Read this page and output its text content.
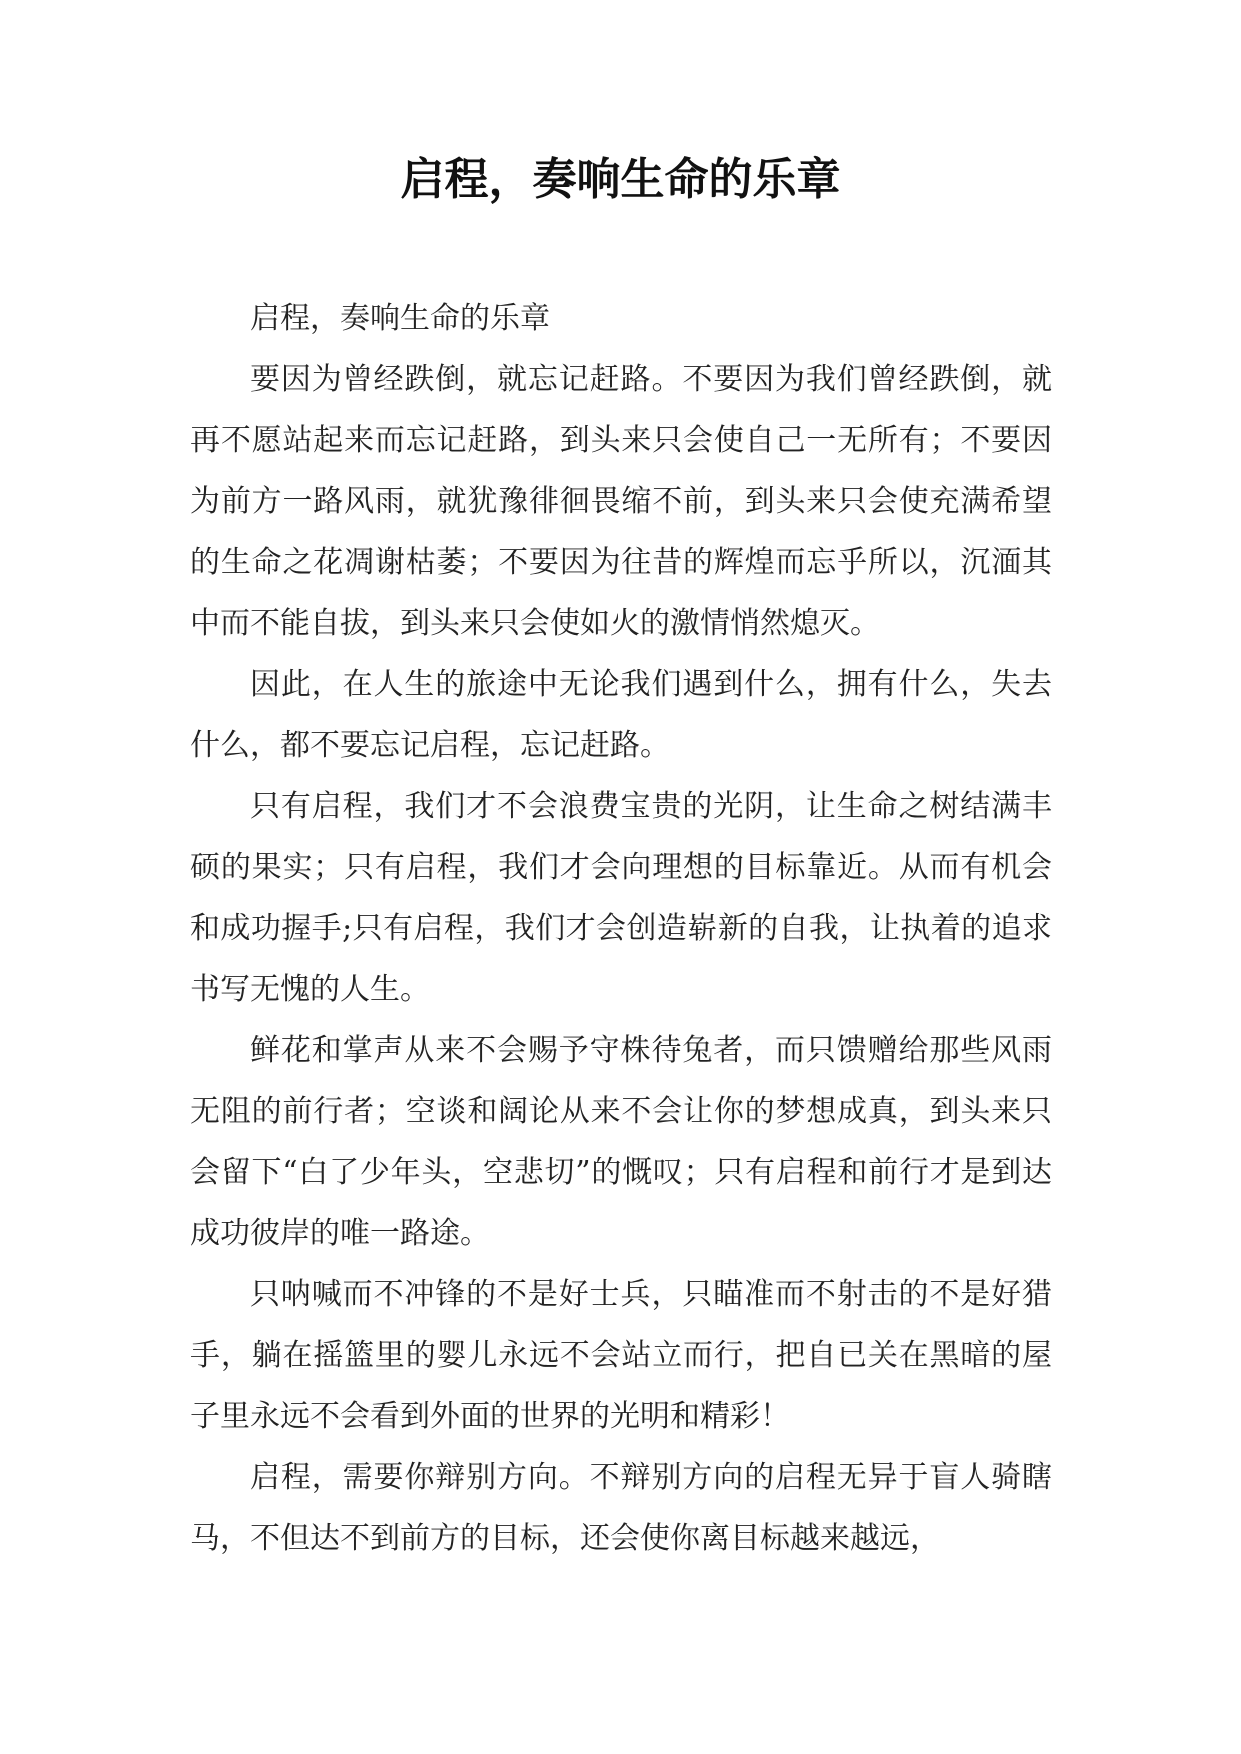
启程，奏响生命的乐章

启程，奏响生命的乐章

要因为曾经跌倒，就忘记赶路。不要因为我们曾经跌倒，就再不愿站起来而忘记赶路，到头来只会使自己一无所有；不要因为前方一路风雨，就犹豫徘徊畏缩不前，到头来只会使充满希望的生命之花凋谢枯萎；不要因为往昔的辉煌而忘乎所以，沉湎其中而不能自拔，到头来只会使如火的激情悄然熄灭。

因此，在人生的旅途中无论我们遇到什么，拥有什么，失去什么，都不要忘记启程，忘记赶路。

只有启程，我们才不会浪费宝贵的光阴，让生命之树结满丰硕的果实；只有启程，我们才会向理想的目标靠近。从而有机会和成功握手;只有启程，我们才会创造崭新的自我，让执着的追求书写无愧的人生。

鲜花和掌声从来不会赐予守株待兔者，而只馈赠给那些风雨无阻的前行者；空谈和阔论从来不会让你的梦想成真，到头来只会留下“白了少年头，空悲切”的慨叹；只有启程和前行才是到达成功彼岸的唯一路途。

只呐喊而不冲锋的不是好士兵，只瞄准而不射击的不是好猎手，躺在摇篮里的婴儿永远不会站立而行，把自已关在黑暗的屋子里永远不会看到外面的世界的光明和精彩！

启程，需要你辩别方向。不辩别方向的启程无异于盲人骑瞎马，不但达不到前方的目标，还会使你离目标越来越远，
